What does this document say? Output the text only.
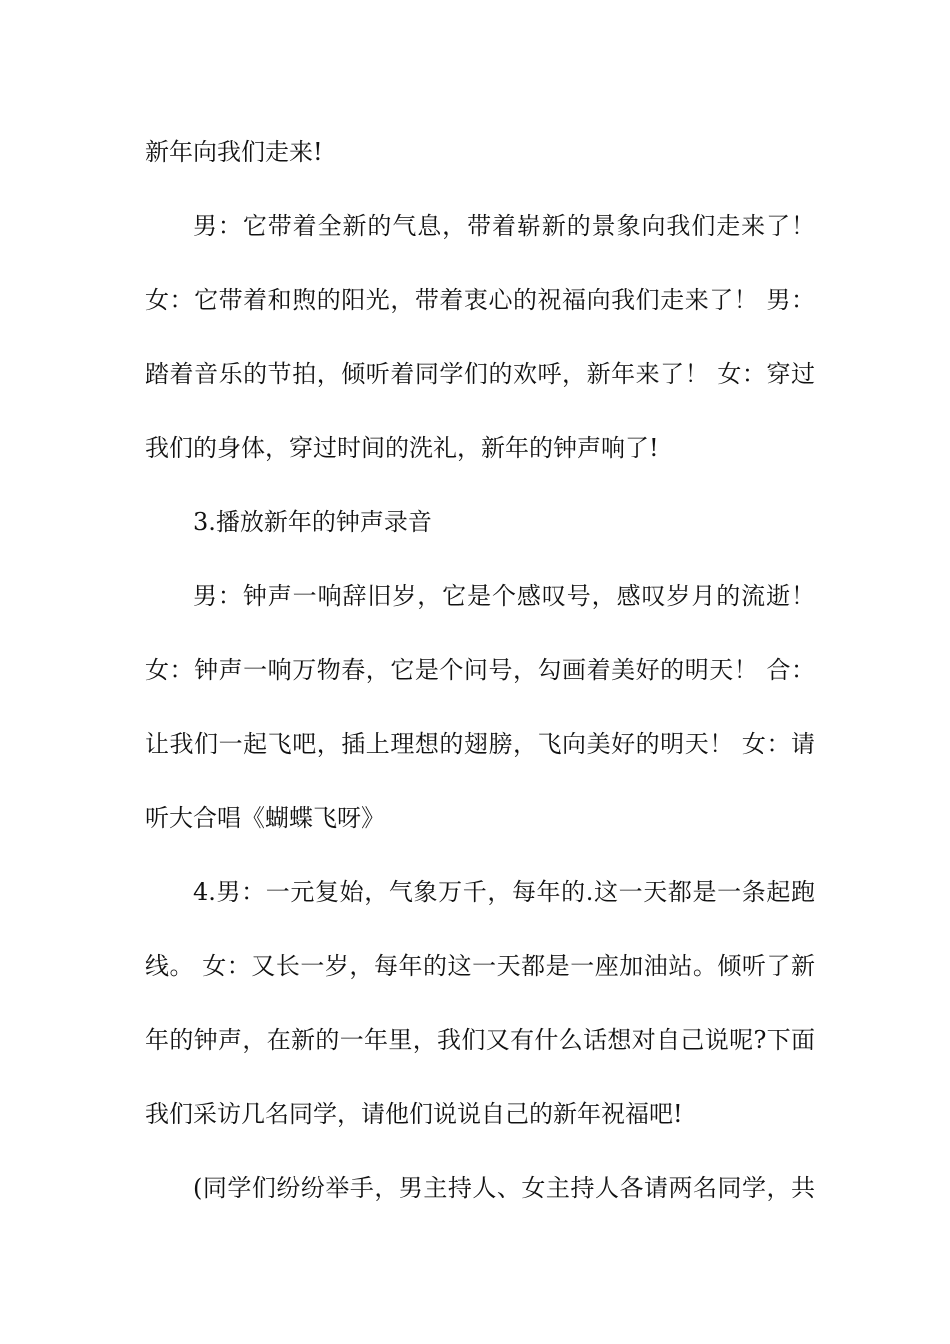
新年向我们走来!
男：它带着全新的气息，带着崭新的景象向我们走来了！
女：它带着和煦的阳光，带着衷心的祝福向我们走来了！ 男：
踏着音乐的节拍，倾听着同学们的欢呼，新年来了！ 女：穿过
我们的身体，穿过时间的洗礼，新年的钟声响了!
3.播放新年的钟声录音
男：钟声一响辞旧岁，它是个感叹号，感叹岁月的流逝！
女：钟声一响万物春，它是个问号，勾画着美好的明天！ 合：
让我们一起飞吧，插上理想的翅膀，飞向美好的明天！ 女：请
听大合唱《蝴蝶飞呀》
4.男：一元复始，气象万千，每年的.这一天都是一条起跑
线。 女：又长一岁，每年的这一天都是一座加油站。倾听了新
年的钟声，在新的一年里，我们又有什么话想对自己说呢?下面
我们采访几名同学，请他们说说自己的新年祝福吧!
(同学们纷纷举手，男主持人、女主持人各请两名同学，共
